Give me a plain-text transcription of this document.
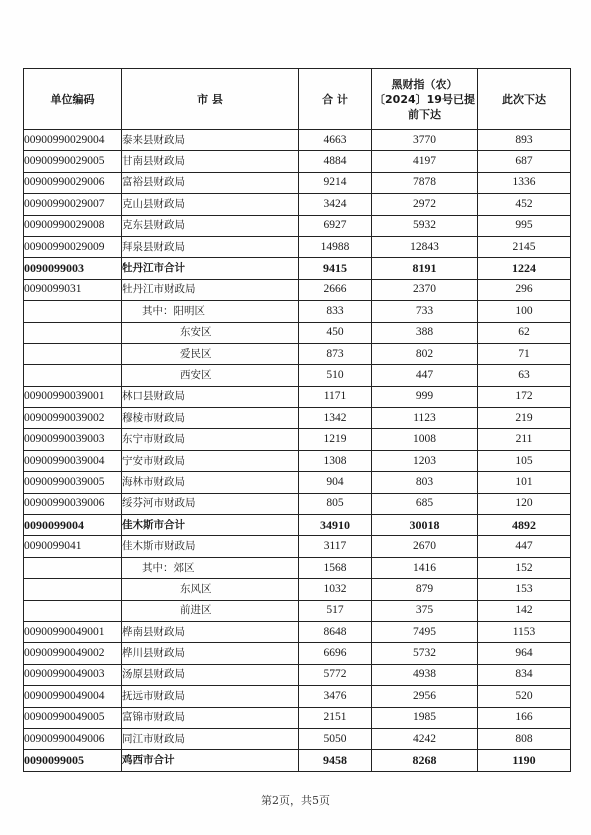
单位编码	市 县	合 计	黑财指（农）〔2024〕19号已提前下达	此次下达
00900990029004	泰来县财政局	4663	3770	893
00900990029005	甘南县财政局	4884	4197	687
00900990029006	富裕县财政局	9214	7878	1336
00900990029007	克山县财政局	3424	2972	452
00900990029008	克东县财政局	6927	5932	995
00900990029009	拜泉县财政局	14988	12843	2145
0090099003	牡丹江市合计	9415	8191	1224
0090099031	牡丹江市财政局	2666	2370	296
	其中：阳明区	833	733	100
	东安区	450	388	62
	爱民区	873	802	71
	西安区	510	447	63
00900990039001	林口县财政局	1171	999	172
00900990039002	穆棱市财政局	1342	1123	219
00900990039003	东宁市财政局	1219	1008	211
00900990039004	宁安市财政局	1308	1203	105
00900990039005	海林市财政局	904	803	101
00900990039006	绥芬河市财政局	805	685	120
0090099004	佳木斯市合计	34910	30018	4892
0090099041	佳木斯市财政局	3117	2670	447
	其中：郊区	1568	1416	152
	东风区	1032	879	153
	前进区	517	375	142
00900990049001	桦南县财政局	8648	7495	1153
00900990049002	桦川县财政局	6696	5732	964
00900990049003	汤原县财政局	5772	4938	834
00900990049004	抚远市财政局	3476	2956	520
00900990049005	富锦市财政局	2151	1985	166
00900990049006	同江市财政局	5050	4242	808
0090099005	鸡西市合计	9458	8268	1190
第2页，共5页
